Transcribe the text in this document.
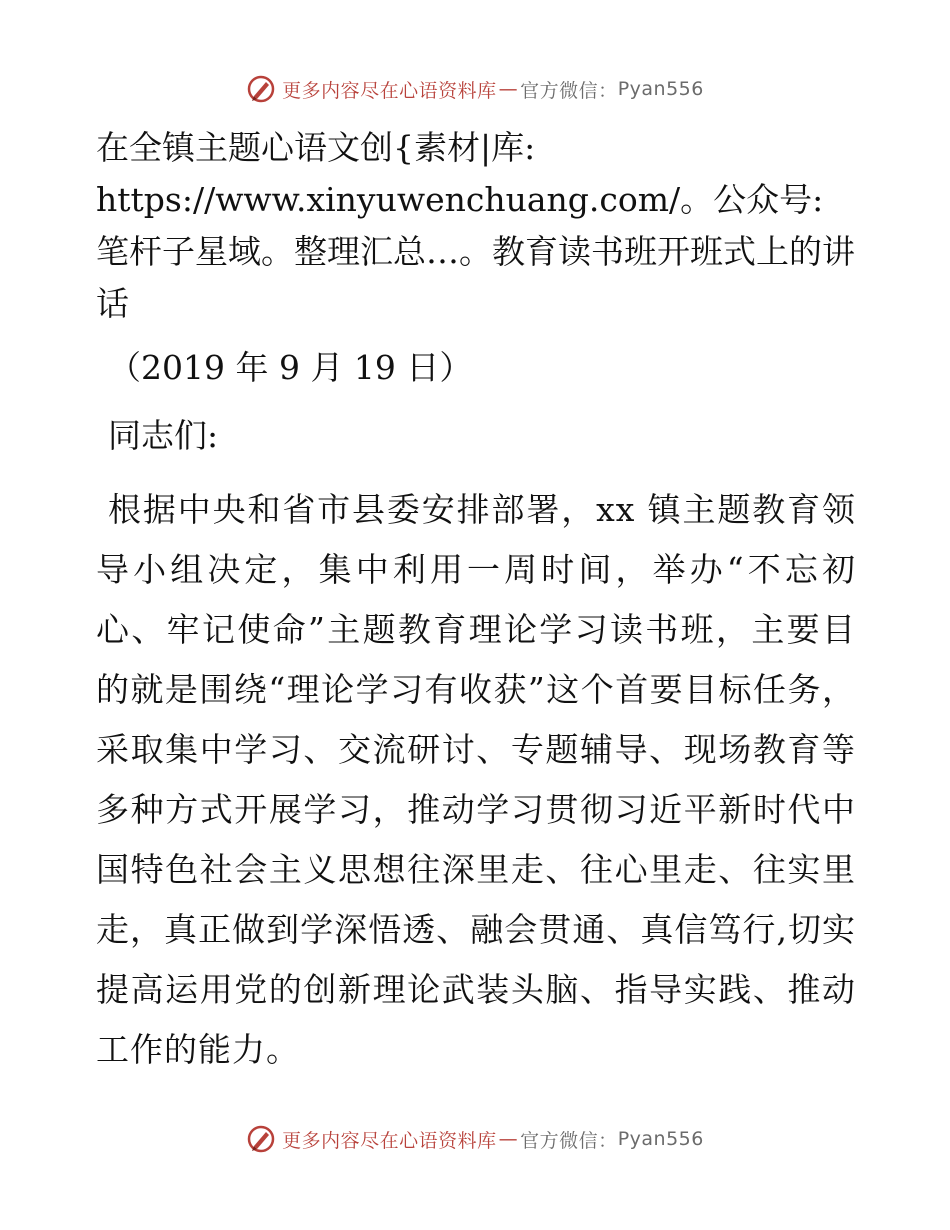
更多内容尽在心语资料库 — 官方微信： Pyan556

在全镇主题心语文创{素材|库: https://www.xinyuwenchuang.com/。公众号: 笔杆子星域。整理汇总…。教育读书班开班式上的讲话

（2019 年 9 月 19 日）

同志们:

根据中央和省市县委安排部署，xx 镇主题教育领导小组决定，集中利用一周时间，举办“不忘初心、牢记使命”主题教育理论学习读书班，主要目的就是围绕“理论学习有收获”这个首要目标任务，采取集中学习、交流研讨、专题辅导、现场教育等多种方式开展学习，推动学习贯彻习近平新时代中国特色社会主义思想往深里走、往心里走、往实里走，真正做到学深悟透、融会贯通、真信笃行,切实提高运用党的创新理论武装头脑、指导实践、推动工作的能力。

更多内容尽在心语资料库 — 官方微信： Pyan556
